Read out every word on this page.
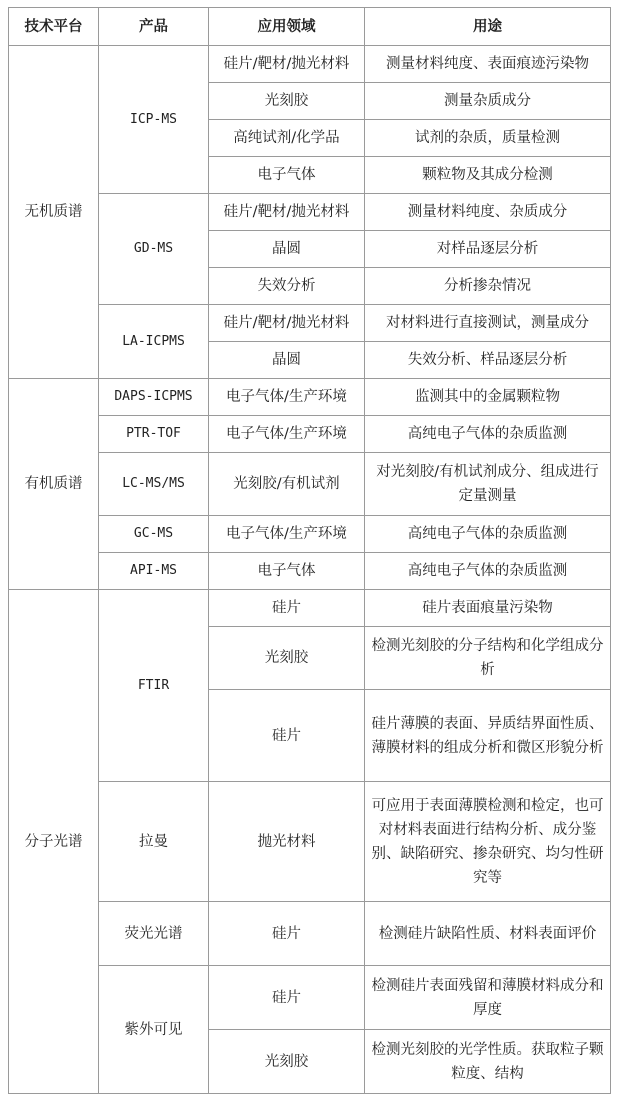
技术平台	产品	应用领域	用途
无机质谱	ICP-MS	硅片/靶材/抛光材料	测量材料纯度、表面痕迹污染物
		光刻胶	测量杂质成分
		高纯试剂/化学品	试剂的杂质，质量检测
		电子气体	颗粒物及其成分检测
	GD-MS	硅片/靶材/抛光材料	测量材料纯度、杂质成分
		晶圆	对样品逐层分析
		失效分析	分析掺杂情况
	LA-ICPMS	硅片/靶材/抛光材料	对材料进行直接测试，测量成分
		晶圆	失效分析、样品逐层分析
有机质谱	DAPS-ICPMS	电子气体/生产环境	监测其中的金属颗粒物
	PTR-TOF	电子气体/生产环境	高纯电子气体的杂质监测
	LC-MS/MS	光刻胶/有机试剂	对光刻胶/有机试剂成分、组成进行定量测量
	GC-MS	电子气体/生产环境	高纯电子气体的杂质监测
	API-MS	电子气体	高纯电子气体的杂质监测
分子光谱	FTIR	硅片	硅片表面痕量污染物
		光刻胶	检测光刻胶的分子结构和化学组成分析
		硅片	硅片薄膜的表面、异质结界面性质、薄膜材料的组成分析和微区形貌分析
	拉曼	抛光材料	可应用于表面薄膜检测和检定，也可对材料表面进行结构分析、成分鉴别、缺陷研究、掺杂研究、均匀性研究等
	荧光光谱	硅片	检测硅片缺陷性质、材料表面评价
	紫外可见	硅片	检测硅片表面残留和薄膜材料成分和厚度
		光刻胶	检测光刻胶的光学性质。获取粒子颗粒度、结构
